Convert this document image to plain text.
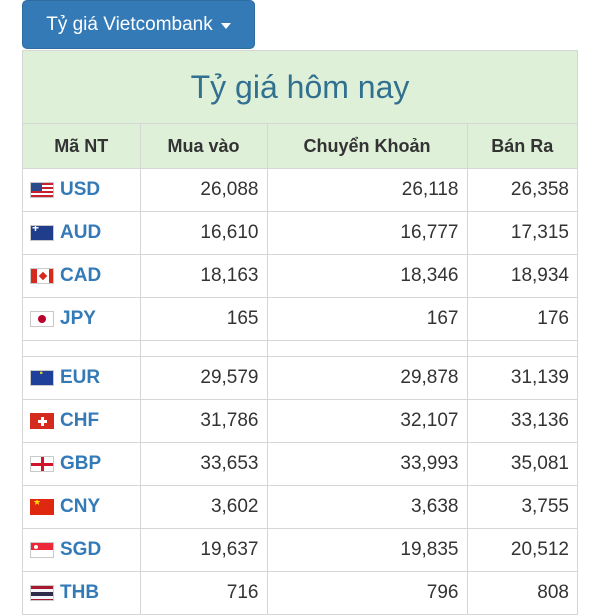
Tỷ giá Vietcombank
Tỷ giá hôm nay
Mã NT	Mua vào	Chuyển Khoản	Bán Ra

USD	26,088	26,118	26,358

+
AUD	16,610	16,777	17,315

CAD	18,163	18,346	18,934

JPY	165	167	176

·
EUR	29,579	29,878	31,139

CHF	31,786	32,107	33,136

GBP	33,653	33,993	35,081

★
CNY	3,602	3,638	3,755

SGD	19,637	19,835	20,512

THB	716	796	808
